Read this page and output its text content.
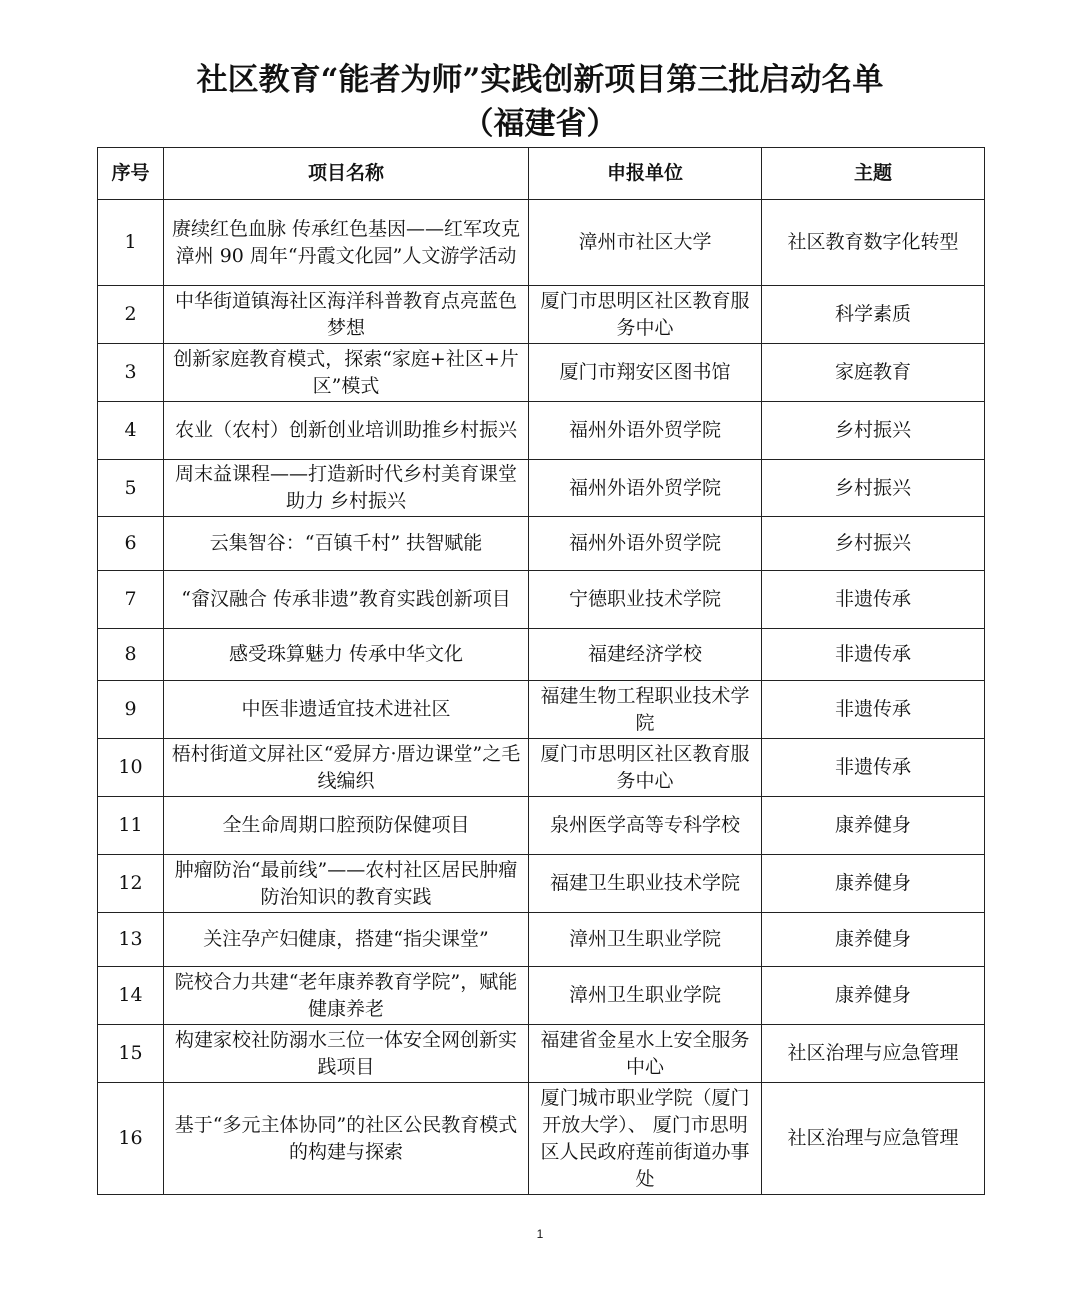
社区教育“能者为师”实践创新项目第三批启动名单
（福建省）
序号	项目名称	申报单位	主题
1	赓续红色血脉 传承红色基因——红军攻克漳州 90 周年“丹霞文化园”人文游学活动	漳州市社区大学	社区教育数字化转型
2	中华街道镇海社区海洋科普教育点亮蓝色梦想	厦门市思明区社区教育服务中心	科学素质
3	创新家庭教育模式，探索“家庭+社区+片区”模式	厦门市翔安区图书馆	家庭教育
4	农业（农村）创新创业培训助推乡村振兴	福州外语外贸学院	乡村振兴
5	周末益课程——打造新时代乡村美育课堂助力 乡村振兴	福州外语外贸学院	乡村振兴
6	云集智谷：“百镇千村” 扶智赋能	福州外语外贸学院	乡村振兴
7	“畲汉融合 传承非遗”教育实践创新项目	宁德职业技术学院	非遗传承
8	感受珠算魅力 传承中华文化	福建经济学校	非遗传承
9	中医非遗适宜技术进社区	福建生物工程职业技术学院	非遗传承
10	梧村街道文屏社区“爱屏方·厝边课堂”之毛线编织	厦门市思明区社区教育服务中心	非遗传承
11	全生命周期口腔预防保健项目	泉州医学高等专科学校	康养健身
12	肿瘤防治“最前线”——农村社区居民肿瘤防治知识的教育实践	福建卫生职业技术学院	康养健身
13	关注孕产妇健康，搭建“指尖课堂”	漳州卫生职业学院	康养健身
14	院校合力共建“老年康养教育学院”，赋能健康养老	漳州卫生职业学院	康养健身
15	构建家校社防溺水三位一体安全网创新实践项目	福建省金星水上安全服务中心	社区治理与应急管理
16	基于“多元主体协同”的社区公民教育模式的构建与探索	厦门城市职业学院（厦门开放大学）、 厦门市思明区人民政府莲前街道办事处	社区治理与应急管理
1
